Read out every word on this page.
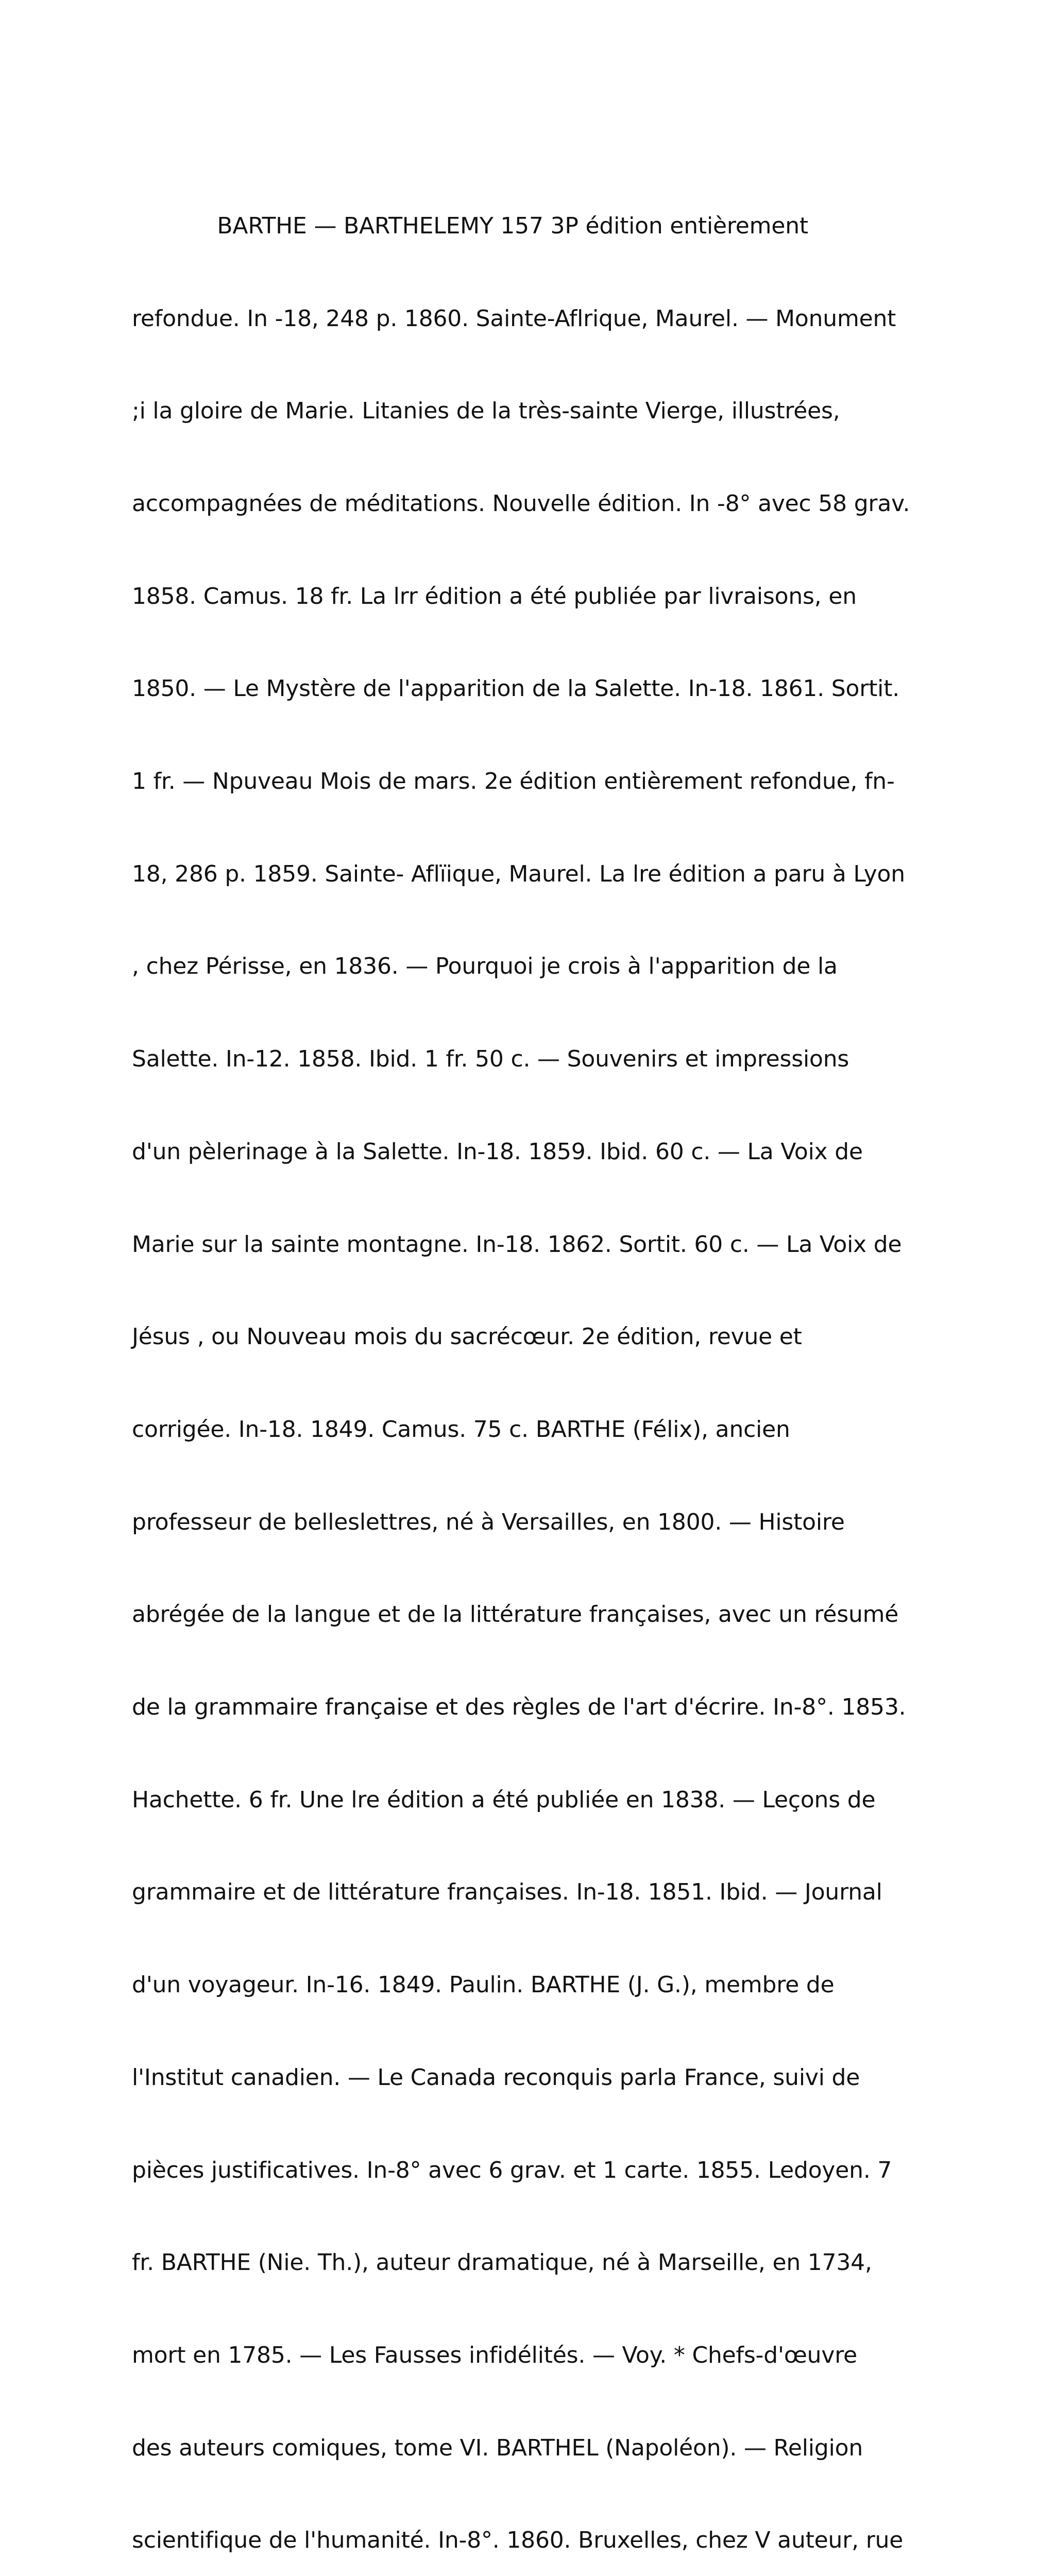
BARTHE — BARTHELEMY 157 3P édition entièrement

refondue. In -18, 248 p. 1860. Sainte-Aflrique, Maurel. — Monument

;i la gloire de Marie. Litanies de la très-sainte Vierge, illustrées,

accompagnées de méditations. Nouvelle édition. In -8° avec 58 grav.

1858. Camus. 18 fr. La lrr édition a été publiée par livraisons, en

1850. — Le Mystère de l'apparition de la Salette. In-18. 1861. Sortit.

1 fr. — Npuveau Mois de mars. 2e édition entièrement refondue, fn-

18, 286 p. 1859. Sainte- Aflïique, Maurel. La lre édition a paru à Lyon

, chez Périsse, en 1836. — Pourquoi je crois à l'apparition de la

Salette. In-12. 1858. Ibid. 1 fr. 50 c. — Souvenirs et impressions

d'un pèlerinage à la Salette. In-18. 1859. Ibid. 60 c. — La Voix de

Marie sur la sainte montagne. In-18. 1862. Sortit. 60 c. — La Voix de

Jésus , ou Nouveau mois du sacrécœur. 2e édition, revue et

corrigée. In-18. 1849. Camus. 75 c. BARTHE (Félix), ancien

professeur de belleslettres, né à Versailles, en 1800. — Histoire

abrégée de la langue et de la littérature françaises, avec un résumé

de la grammaire française et des règles de l'art d'écrire. In-8°. 1853.

Hachette. 6 fr. Une lre édition a été publiée en 1838. — Leçons de

grammaire et de littérature françaises. In-18. 1851. Ibid. — Journal

d'un voyageur. In-16. 1849. Paulin. BARTHE (J. G.), membre de

l'Institut canadien. — Le Canada reconquis parla France, suivi de

pièces justificatives. In-8° avec 6 grav. et 1 carte. 1855. Ledoyen. 7

fr. BARTHE (Nie. Th.), auteur dramatique, né à Marseille, en 1734,

mort en 1785. — Les Fausses infidélités. — Voy. * Chefs-d'œuvre

des auteurs comiques, tome VI. BARTHEL (Napoléon). — Religion

scientifique de l'humanité. In-8°. 1860. Bruxelles, chez V auteur, rue
